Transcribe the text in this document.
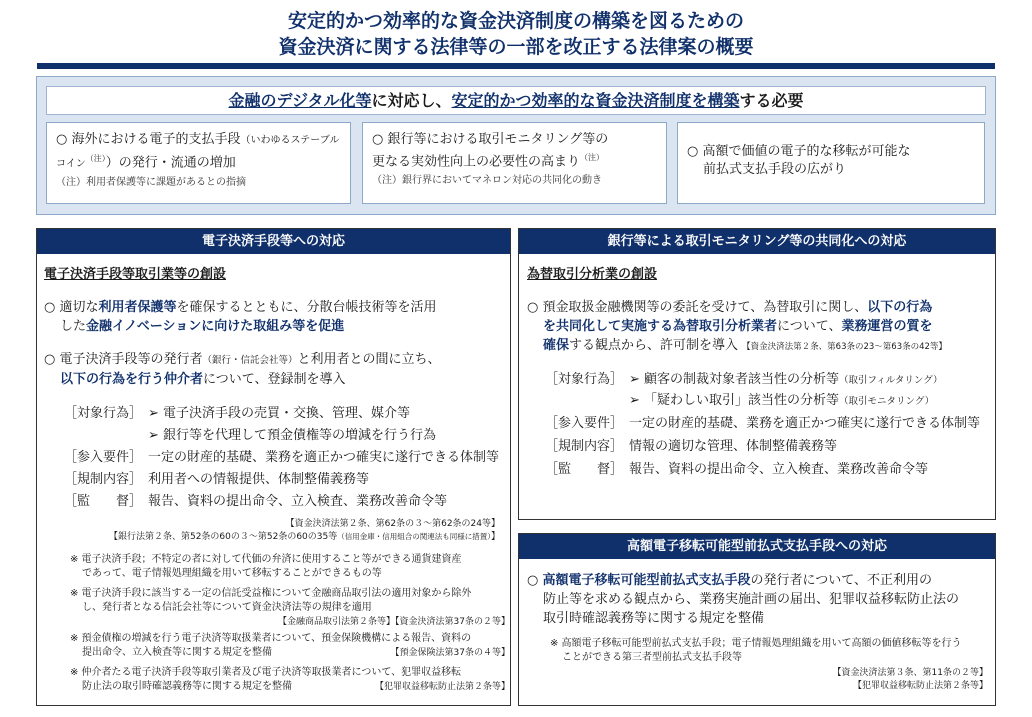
安定的かつ効率的な資金決済制度の構築を図るための
資金決済に関する法律等の一部を改正する法律案の概要
金融のデジタル化等に対応し、安定的かつ効率的な資金決済制度を構築する必要
○ 海外における電子的支払手段（いわゆるステーブルコイン$^{(注)}$）の発行・流通の増加
（注）利用者保護等に課題があるとの指摘
○ 銀行等における取引モニタリング等の
更なる実効性向上の必要性の高まり$^{(注)}$
（注）銀行界においてマネロン対応の共同化の動き
○ 高額で価値の電子的な移転が可能な
前払式支払手段の広がり
電子決済手段等への対応
電子決済手段等取引業等の創設
○ 適切な利用者保護等を確保するとともに、分散台帳技術等を活用
した金融イノベーションに向けた取組み等を促進
○ 電子決済手段等の発行者（銀行・信託会社等）と利用者との間に立ち、
以下の行為を行う仲介者について、登録制を導入
［対象行為］ ➢ 電子決済手段の売買・交換、管理、媒介等
➢ 銀行等を代理して預金債権等の増減を行う行為
［参入要件］ 一定の財産的基礎、業務を適正かつ確実に遂行できる体制等
［規制内容］ 利用者への情報提供、体制整備義務等
［監　　督］ 報告、資料の提出命令、立入検査、業務改善命令等
【資金決済法第２条、第62条の３～第62条の24等】
【銀行法第２条、第52条の60の３～第52条の60の35等（信用金庫・信用組合の関連法も同様に措置）】
※ 電子決済手段；不特定の者に対して代価の弁済に使用すること等ができる通貨建資産
であって、電子情報処理組織を用いて移転することができるもの等
※ 電子決済手段に該当する一定の信託受益権について金融商品取引法の適用対象から除外
し、発行者となる信託会社等について資金決済法等の規律を適用
【金融商品取引法第２条等】【資金決済法第37条の２等】
※ 預金債権の増減を行う電子決済等取扱業者について、預金保険機構による報告、資料の
提出命令、立入検査等に関する規定を整備	【預金保険法第37条の４等】
※ 仲介者たる電子決済手段等取引業者及び電子決済等取扱業者について、犯罪収益移転
防止法の取引時確認義務等に関する規定を整備	【犯罪収益移転防止法第２条等】
銀行等による取引モニタリング等の共同化への対応
為替取引分析業の創設
○ 預金取扱金融機関等の委託を受けて、為替取引に関し、以下の行為
を共同化して実施する為替取引分析業者について、業務運営の質を
確保する観点から、許可制を導入 【資金決済法第２条、第63条の23～第63条の42等】
［対象行為］ ➢ 顧客の制裁対象者該当性の分析等（取引フィルタリング）
➢ 「疑わしい取引」該当性の分析等（取引モニタリング）
［参入要件］ 一定の財産的基礎、業務を適正かつ確実に遂行できる体制等
［規制内容］ 情報の適切な管理、体制整備義務等
［監　　督］ 報告、資料の提出命令、立入検査、業務改善命令等
高額電子移転可能型前払式支払手段への対応
○ 高額電子移転可能型前払式支払手段の発行者について、不正利用の
防止等を求める観点から、業務実施計画の届出、犯罪収益移転防止法の
取引時確認義務等に関する規定を整備
※ 高額電子移転可能型前払式支払手段；電子情報処理組織を用いて高額の価値移転等を行う
ことができる第三者型前払式支払手段等
【資金決済法第３条、第11条の２等】
【犯罪収益移転防止法第２条等】
